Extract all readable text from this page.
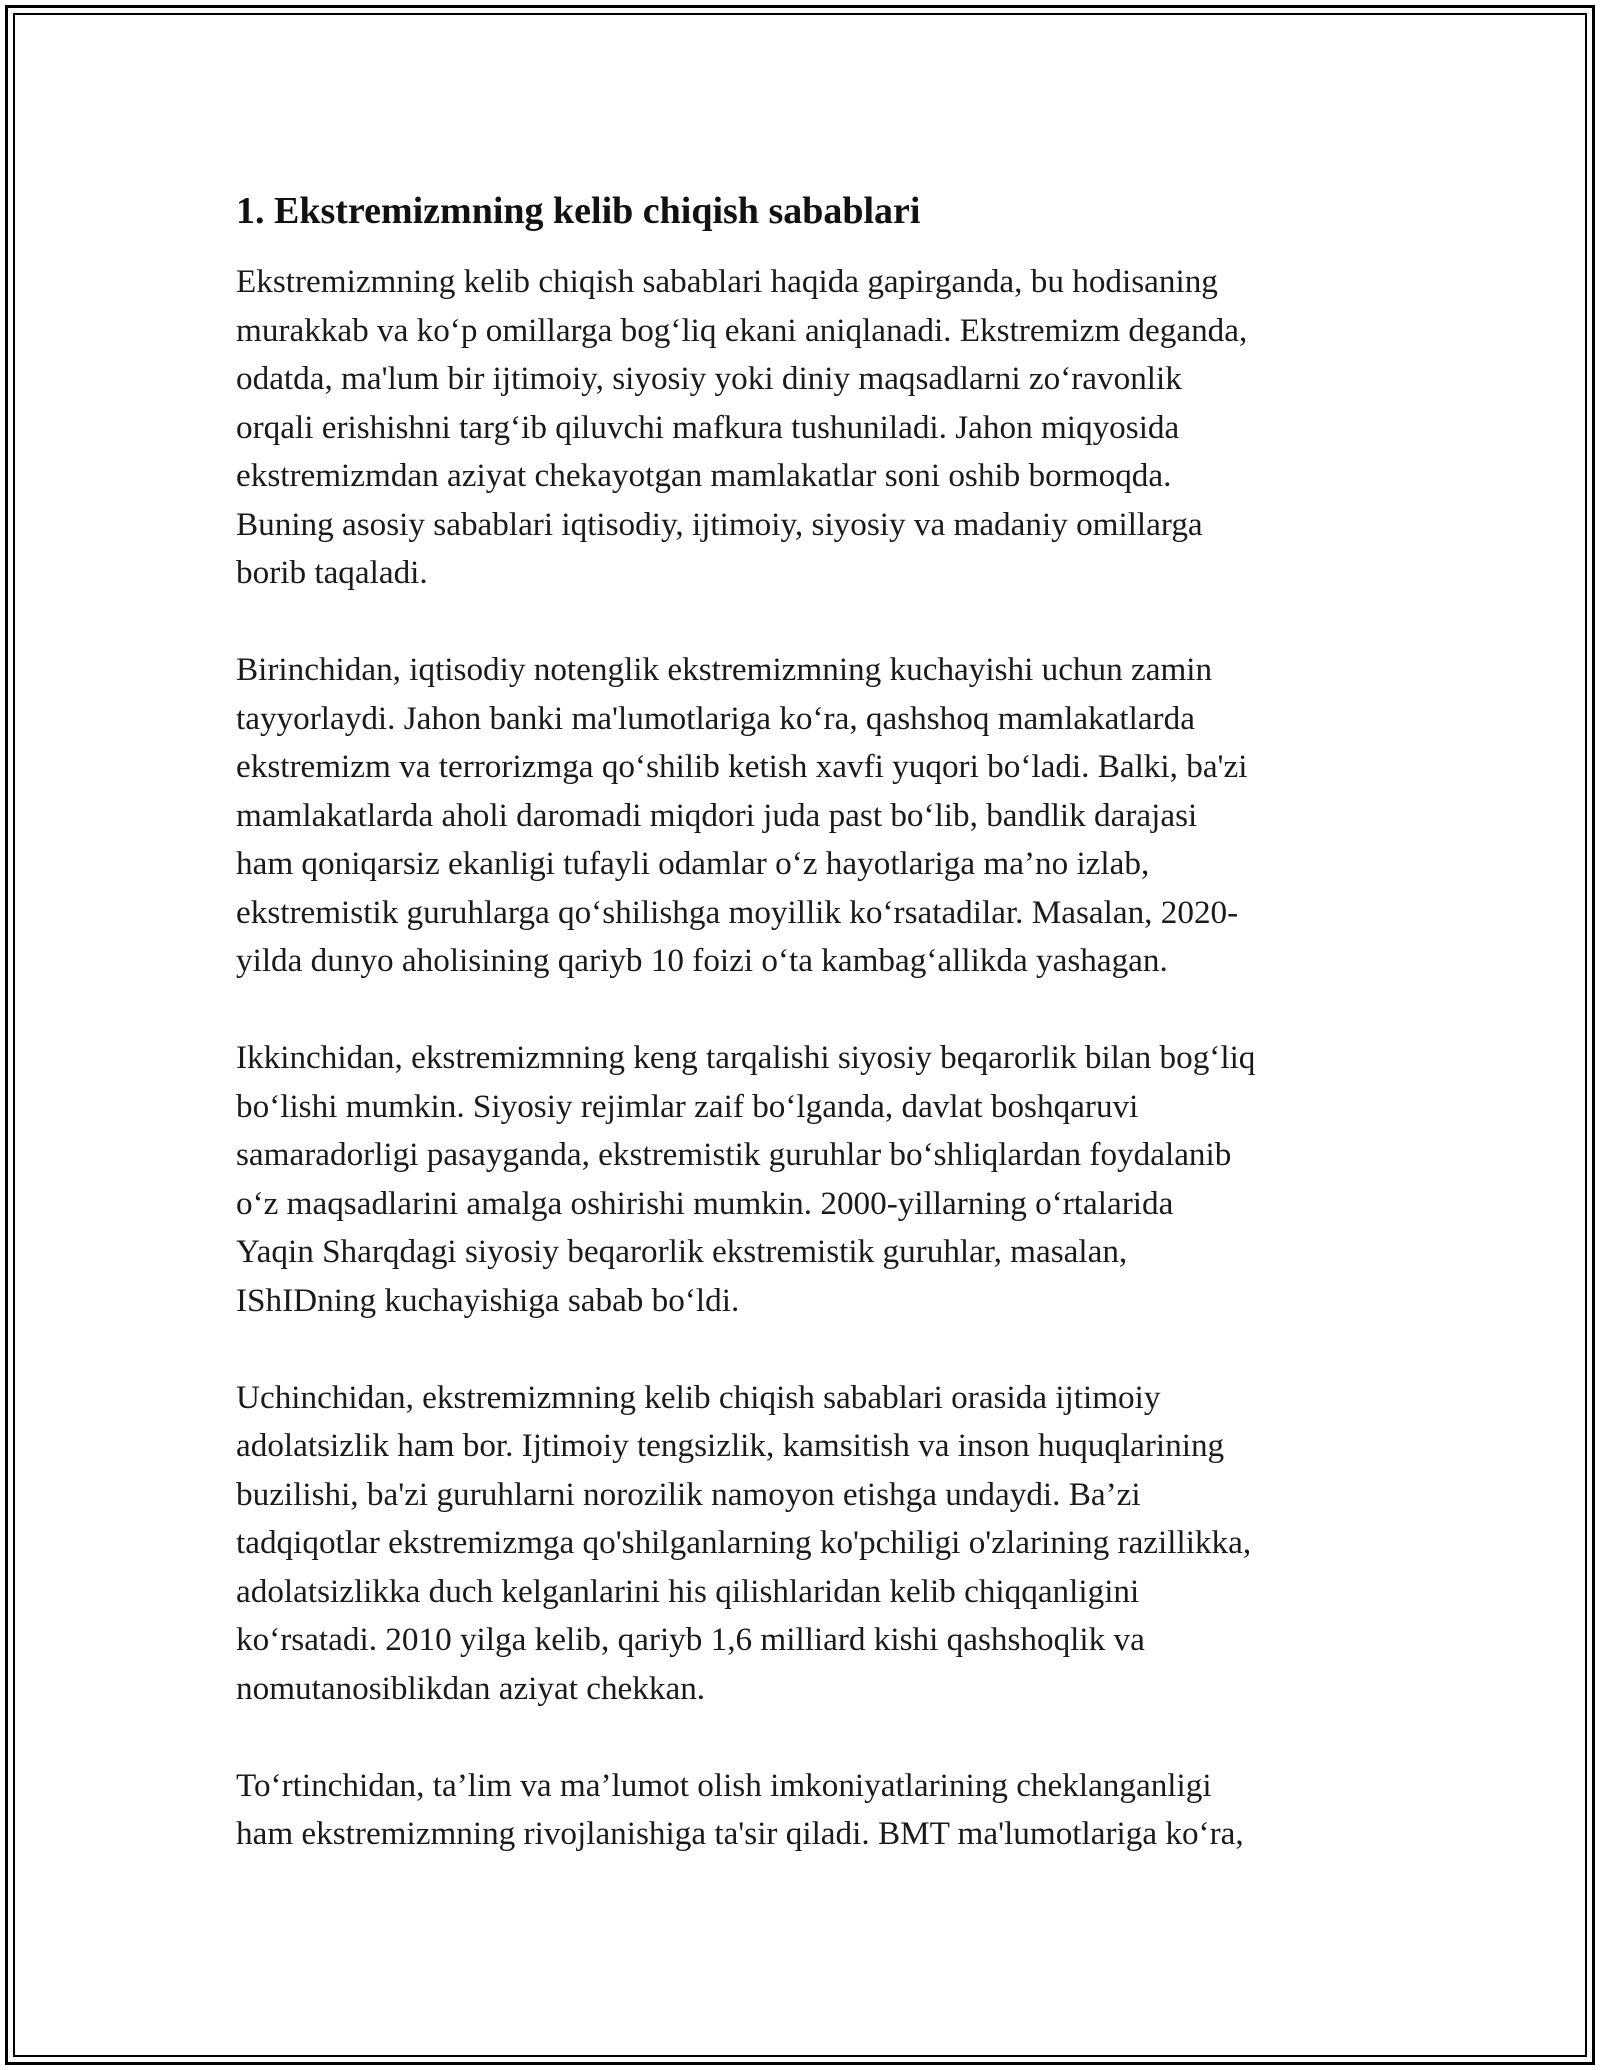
1. Ekstremizmning kelib chiqish sabablari

Ekstremizmning kelib chiqish sabablari haqida gapirganda, bu hodisaning
murakkab va koʻp omillarga bogʻliq ekani aniqlanadi. Ekstremizm deganda,
odatda, ma'lum bir ijtimoiy, siyosiy yoki diniy maqsadlarni zoʻravonlik
orqali erishishni targʻib qiluvchi mafkura tushuniladi. Jahon miqyosida
ekstremizmdan aziyat chekayotgan mamlakatlar soni oshib bormoqda.
Buning asosiy sabablari iqtisodiy, ijtimoiy, siyosiy va madaniy omillarga
borib taqaladi.

Birinchidan, iqtisodiy notenglik ekstremizmning kuchayishi uchun zamin
tayyorlaydi. Jahon banki ma'lumotlariga koʻra, qashshoq mamlakatlarda
ekstremizm va terrorizmga qoʻshilib ketish xavfi yuqori boʻladi. Balki, ba'zi
mamlakatlarda aholi daromadi miqdori juda past boʻlib, bandlik darajasi
ham qoniqarsiz ekanligi tufayli odamlar oʻz hayotlariga ma’no izlab,
ekstremistik guruhlarga qoʻshilishga moyillik koʻrsatadilar. Masalan, 2020-
yilda dunyo aholisining qariyb 10 foizi oʻta kambagʻallikda yashagan.

Ikkinchidan, ekstremizmning keng tarqalishi siyosiy beqarorlik bilan bogʻliq
boʻlishi mumkin. Siyosiy rejimlar zaif boʻlganda, davlat boshqaruvi
samaradorligi pasayganda, ekstremistik guruhlar boʻshliqlardan foydalanib
oʻz maqsadlarini amalga oshirishi mumkin. 2000-yillarning oʻrtalarida
Yaqin Sharqdagi siyosiy beqarorlik ekstremistik guruhlar, masalan,
IShIDning kuchayishiga sabab boʻldi.

Uchinchidan, ekstremizmning kelib chiqish sabablari orasida ijtimoiy
adolatsizlik ham bor. Ijtimoiy tengsizlik, kamsitish va inson huquqlarining
buzilishi, ba'zi guruhlarni norozilik namoyon etishga undaydi. Ba’zi
tadqiqotlar ekstremizmga qo'shilganlarning ko'pchiligi o'zlarining razillikka,
adolatsizlikka duch kelganlarini his qilishlaridan kelib chiqqanligini
koʻrsatadi. 2010 yilga kelib, qariyb 1,6 milliard kishi qashshoqlik va
nomutanosiblikdan aziyat chekkan.

Toʻrtinchidan, ta’lim va ma’lumot olish imkoniyatlarining cheklanganligi
ham ekstremizmning rivojlanishiga ta'sir qiladi. BMT ma'lumotlariga koʻra,
